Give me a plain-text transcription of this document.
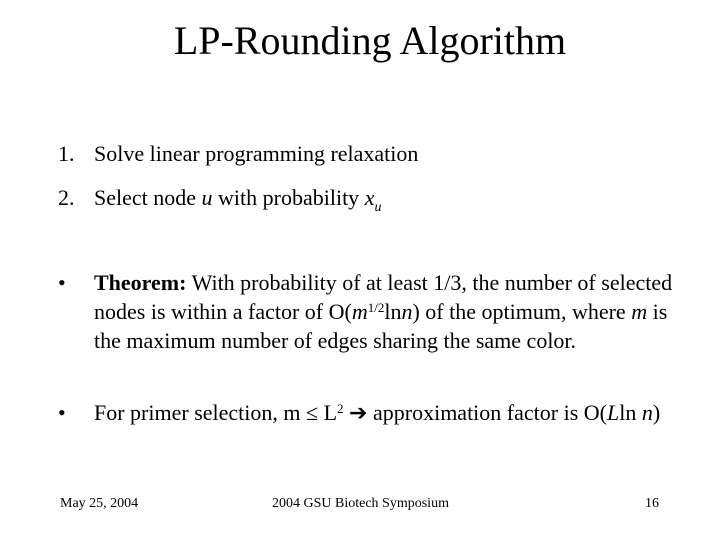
LP-Rounding Algorithm
1. Solve linear programming relaxation
2. Select node u with probability $x_u$
•	Theorem: With probability of at least 1/3, the number of selected nodes is within a factor of $O(m^{1/2}\ln n)$ of the optimum, where m is the maximum number of edges sharing the same color.
•	For primer selection, $m \le L^2$ ➔ approximation factor is O(Lln n)
May 25, 2004	2004 GSU Biotech Symposium	16
